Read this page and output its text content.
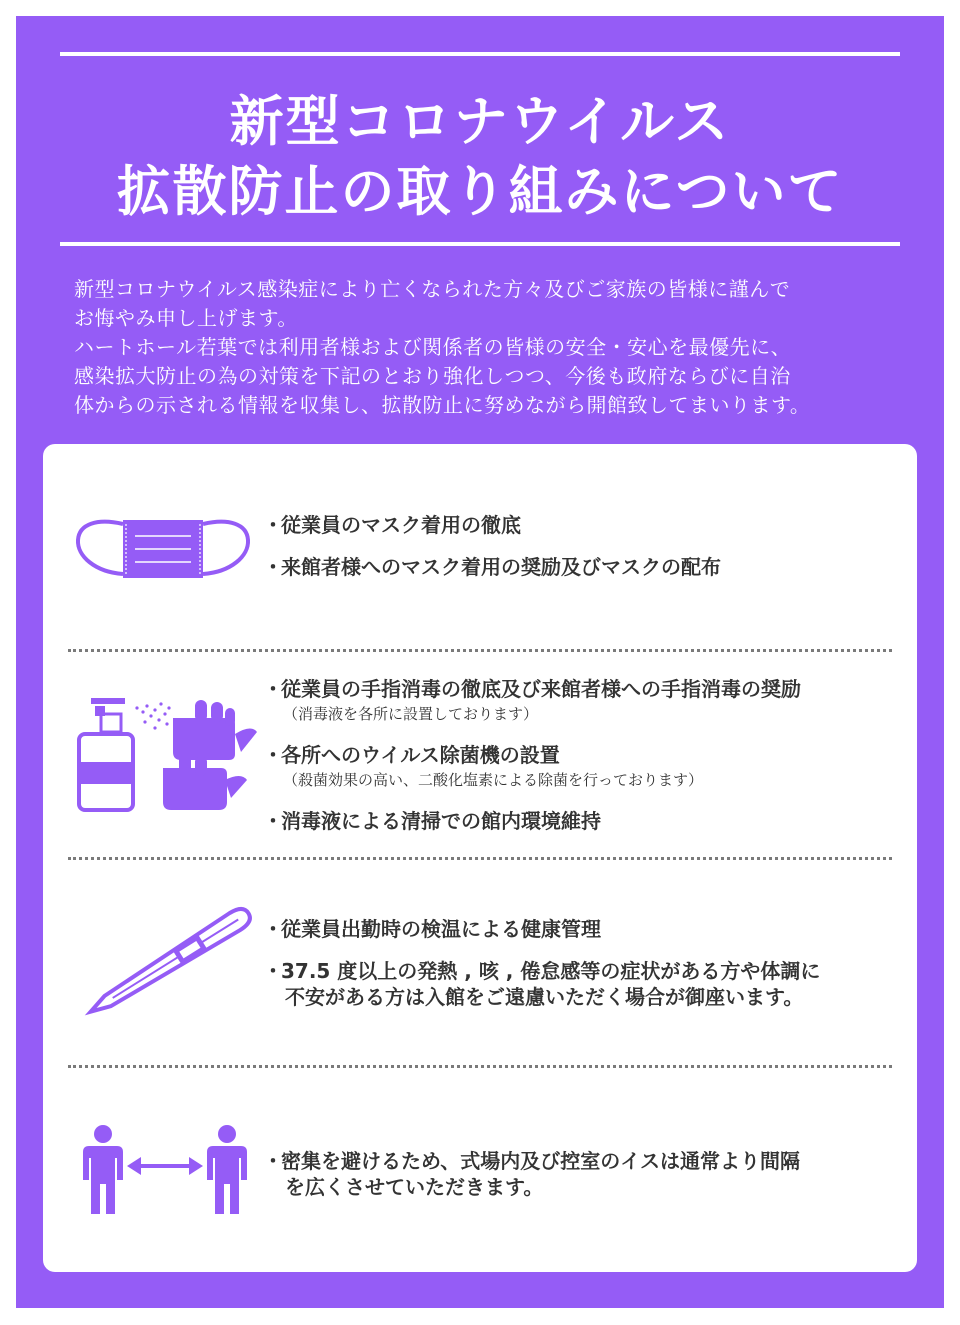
新型コロナウイルス
拡散防止の取り組みについて
新型コロナウイルス感染症により亡くなられた方々及びご家族の皆様に謹んで
お悔やみ申し上げます。
ハートホール若葉では利用者様および関係者の皆様の安全・安心を最優先に、
感染拡大防止の為の対策を下記のとおり強化しつつ、今後も政府ならびに自治
体からの示される情報を収集し、拡散防止に努めながら開館致してまいります。
・従業員のマスク着用の徹底
・来館者様へのマスク着用の奨励及びマスクの配布
・従業員の手指消毒の徹底及び来館者様への手指消毒の奨励
（消毒液を各所に設置しております）
・各所へのウイルス除菌機の設置
（殺菌効果の高い、二酸化塩素による除菌を行っております）
・消毒液による清掃での館内環境維持
・従業員出勤時の検温による健康管理
・37.5 度以上の発熱 , 咳 , 倦怠感等の症状がある方や体調に
不安がある方は入館をご遠慮いただく場合が御座います。
・密集を避けるため、式場内及び控室のイスは通常より間隔
を広くさせていただきます。
